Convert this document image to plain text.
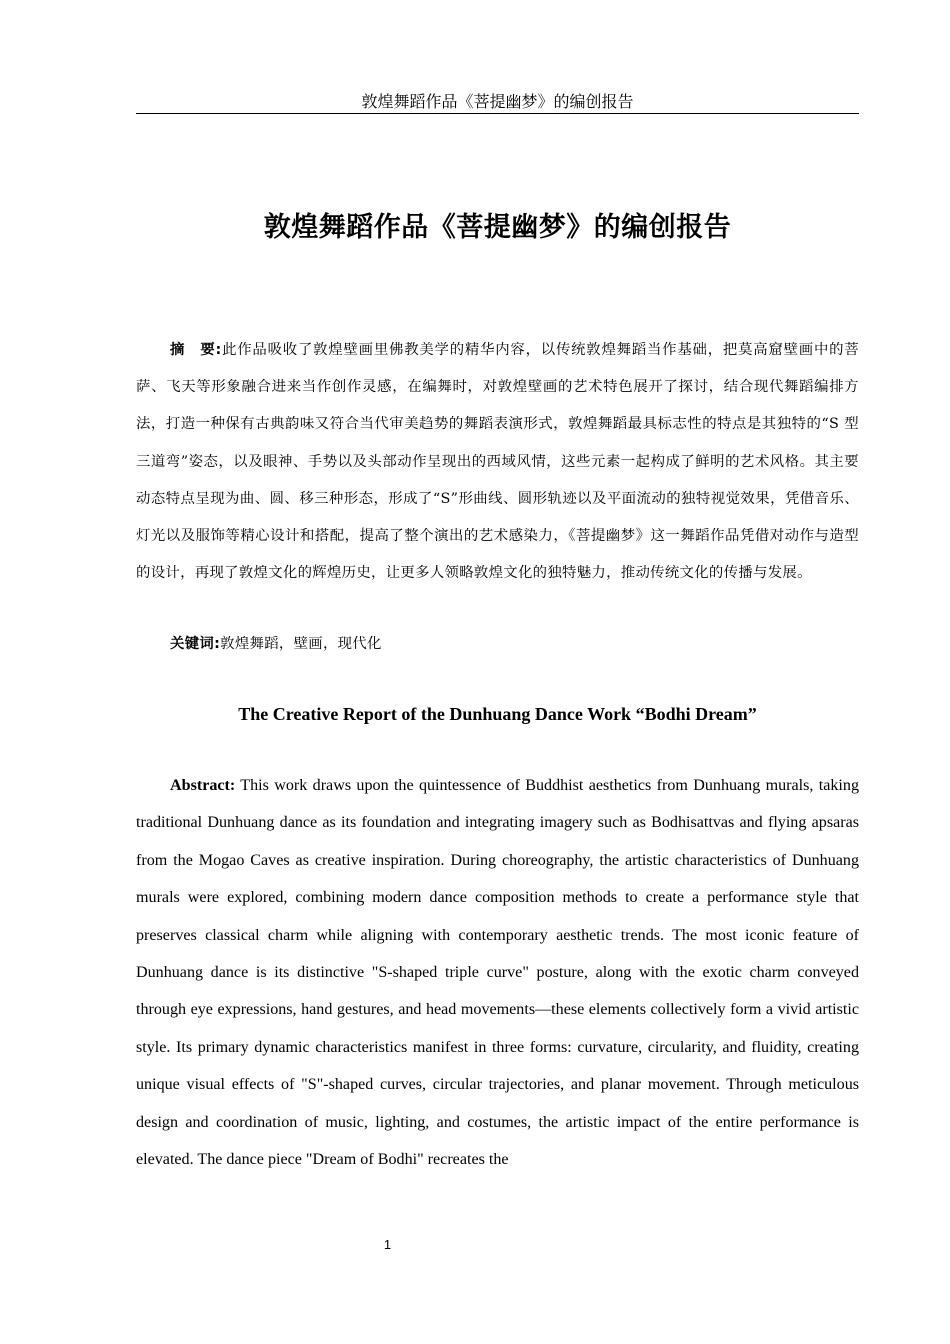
敦煌舞蹈作品《菩提幽梦》的编创报告
敦煌舞蹈作品《菩提幽梦》的编创报告

摘　要:此作品吸收了敦煌壁画里佛教美学的精华内容，以传统敦煌舞蹈当作基础，把莫高窟壁画中的菩萨、飞天等形象融合进来当作创作灵感，在编舞时，对敦煌壁画的艺术特色展开了探讨，结合现代舞蹈编排方法，打造一种保有古典韵味又符合当代审美趋势的舞蹈表演形式，敦煌舞蹈最具标志性的特点是其独特的“S 型三道弯”姿态，以及眼神、手势以及头部动作呈现出的西域风情，这些元素一起构成了鲜明的艺术风格。其主要动态特点呈现为曲、圆、移三种形态，形成了“S”形曲线、圆形轨迹以及平面流动的独特视觉效果，凭借音乐、灯光以及服饰等精心设计和搭配，提高了整个演出的艺术感染力，《菩提幽梦》这一舞蹈作品凭借对动作与造型的设计，再现了敦煌文化的辉煌历史，让更多人领略敦煌文化的独特魅力，推动传统文化的传播与发展。

关键词:敦煌舞蹈，壁画，现代化

The Creative Report of the Dunhuang Dance Work “Bodhi Dream”

Abstract: This work draws upon the quintessence of Buddhist aesthetics from Dunhuang murals, taking traditional Dunhuang dance as its foundation and integrating imagery such as Bodhisattvas and flying apsaras from the Mogao Caves as creative inspiration. During choreography, the artistic characteristics of Dunhuang murals were explored, combining modern dance composition methods to create a performance style that preserves classical charm while aligning with contemporary aesthetic trends. The most iconic feature of Dunhuang dance is its distinctive "S-shaped triple curve" posture, along with the exotic charm conveyed through eye expressions, hand gestures, and head movements—these elements collectively form a vivid artistic style. Its primary dynamic characteristics manifest in three forms: curvature, circularity, and fluidity, creating unique visual effects of "S"-shaped curves, circular trajectories, and planar movement. Through meticulous design and coordination of music, lighting, and costumes, the artistic impact of the entire performance is elevated. The dance piece "Dream of Bodhi" recreates the

1
